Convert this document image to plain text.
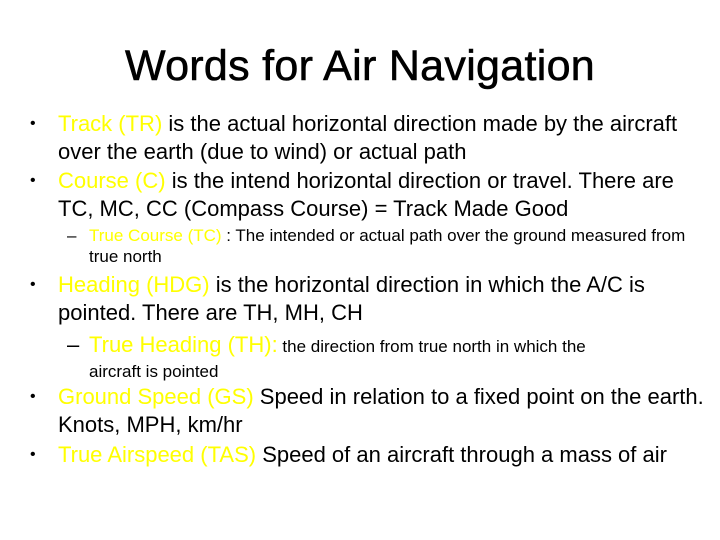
Words for Air Navigation
•	Track (TR) is the actual horizontal direction made by the aircraft over the earth (due to wind) or actual path
•	Course (C) is the intend horizontal direction or travel. There are TC, MC, CC (Compass Course) = Track Made Good
– True Course (TC) : The intended or actual path over the ground measured from true north
•	Heading (HDG) is the horizontal direction in which the A/C is pointed. There are TH, MH, CH
– True Heading (TH): the direction from true north in which the
aircraft is pointed
•	Ground Speed (GS) Speed in relation to a fixed point on the earth. Knots, MPH, km/hr
•	True Airspeed (TAS) Speed of an aircraft through a mass of air
